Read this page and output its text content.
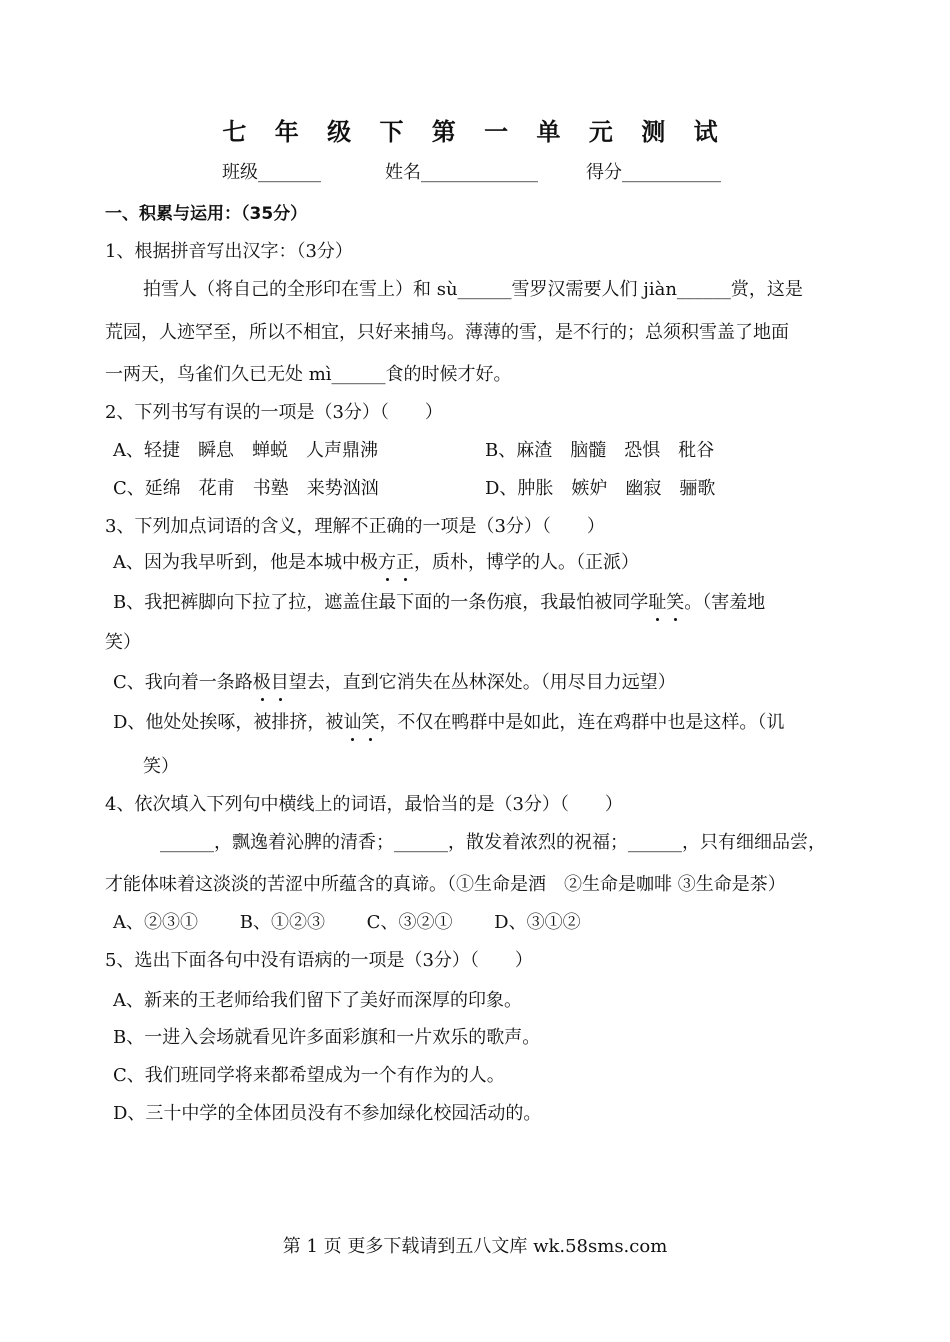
七 年 级 下 第 一 单 元 测 试
班级_______	姓名_____________	得分___________
一、积累与运用：（35分）
1、根据拼音写出汉字：（3分）
拍雪人（将自己的全形印在雪上）和 sù______雪罗汉需要人们 jiàn______赏，这是
荒园，人迹罕至，所以不相宜，只好来捕鸟。薄薄的雪，是不行的；总须积雪盖了地面
一两天，鸟雀们久已无处 mì______食的时候才好。
2、下列书写有误的一项是（3分）（　　）
A、轻捷　瞬息　蝉蜕　人声鼎沸	B、麻渣　脑髓　恐惧　秕谷
C、延绵　花甫　书塾　来势汹汹	D、肿胀　嫉妒　幽寂　骊歌
3、下列加点词语的含义，理解不正确的一项是（3分）（　　）
A、因为我早听到，他是本城中极方正，质朴，博学的人。（正派）
B、我把裤脚向下拉了拉，遮盖住最下面的一条伤痕，我最怕被同学耻笑。（害羞地
笑）
C、我向着一条路极目望去，直到它消失在丛林深处。（用尽目力远望）
D、他处处挨啄，被排挤，被讪笑，不仅在鸭群中是如此，连在鸡群中也是这样。（讥
笑）
4、依次填入下列句中横线上的词语，最恰当的是（3分）（　　）
______，飘逸着沁脾的清香；______，散发着浓烈的祝福；______，只有细细品尝，
才能体味着这淡淡的苦涩中所蕴含的真谛。（①生命是酒　②生命是咖啡 ③生命是茶）
A、②③①　　 B、①②③　　 C、③②①　　 D、③①②
5、选出下面各句中没有语病的一项是（3分）（　　）
A、新来的王老师给我们留下了美好而深厚的印象。
B、一进入会场就看见许多面彩旗和一片欢乐的歌声。
C、我们班同学将来都希望成为一个有作为的人。
D、三十中学的全体团员没有不参加绿化校园活动的。
第 1 页 更多下载请到五八文库 wk.58sms.com
